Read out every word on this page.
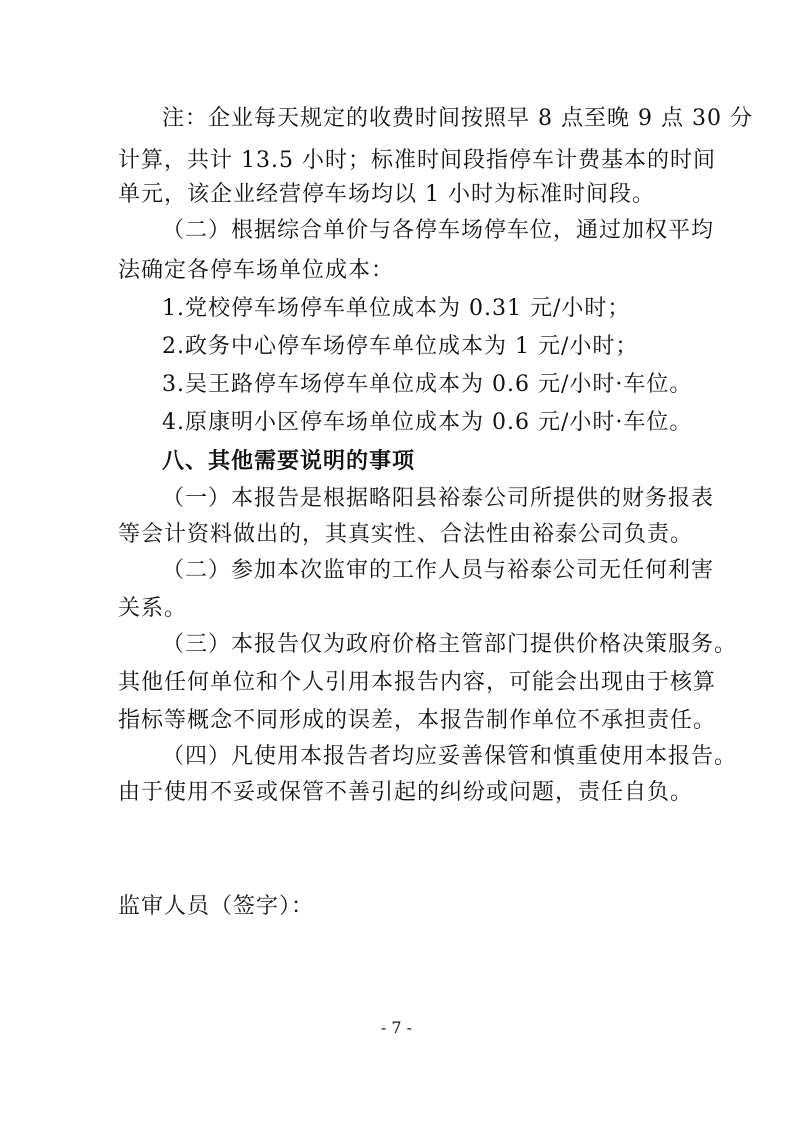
注：企业每天规定的收费时间按照早 8 点至晚 9 点 30 分
计算，共计 13.5 小时；标准时间段指停车计费基本的时间
单元，该企业经营停车场均以 1 小时为标准时间段。
（二）根据综合单价与各停车场停车位，通过加权平均
法确定各停车场单位成本：
1.党校停车场停车单位成本为 0.31 元/小时；
2.政务中心停车场停车单位成本为 1 元/小时；
3.吴王路停车场停车单位成本为 0.6 元/小时·车位。
4.原康明小区停车场单位成本为 0.6 元/小时·车位。
八、其他需要说明的事项
（一）本报告是根据略阳县裕泰公司所提供的财务报表
等会计资料做出的，其真实性、合法性由裕泰公司负责。
（二）参加本次监审的工作人员与裕泰公司无任何利害
关系。
（三）本报告仅为政府价格主管部门提供价格决策服务。
其他任何单位和个人引用本报告内容，可能会出现由于核算
指标等概念不同形成的误差，本报告制作单位不承担责任。
（四）凡使用本报告者均应妥善保管和慎重使用本报告。
由于使用不妥或保管不善引起的纠纷或问题，责任自负。
监审人员（签字）：
- 7 -
